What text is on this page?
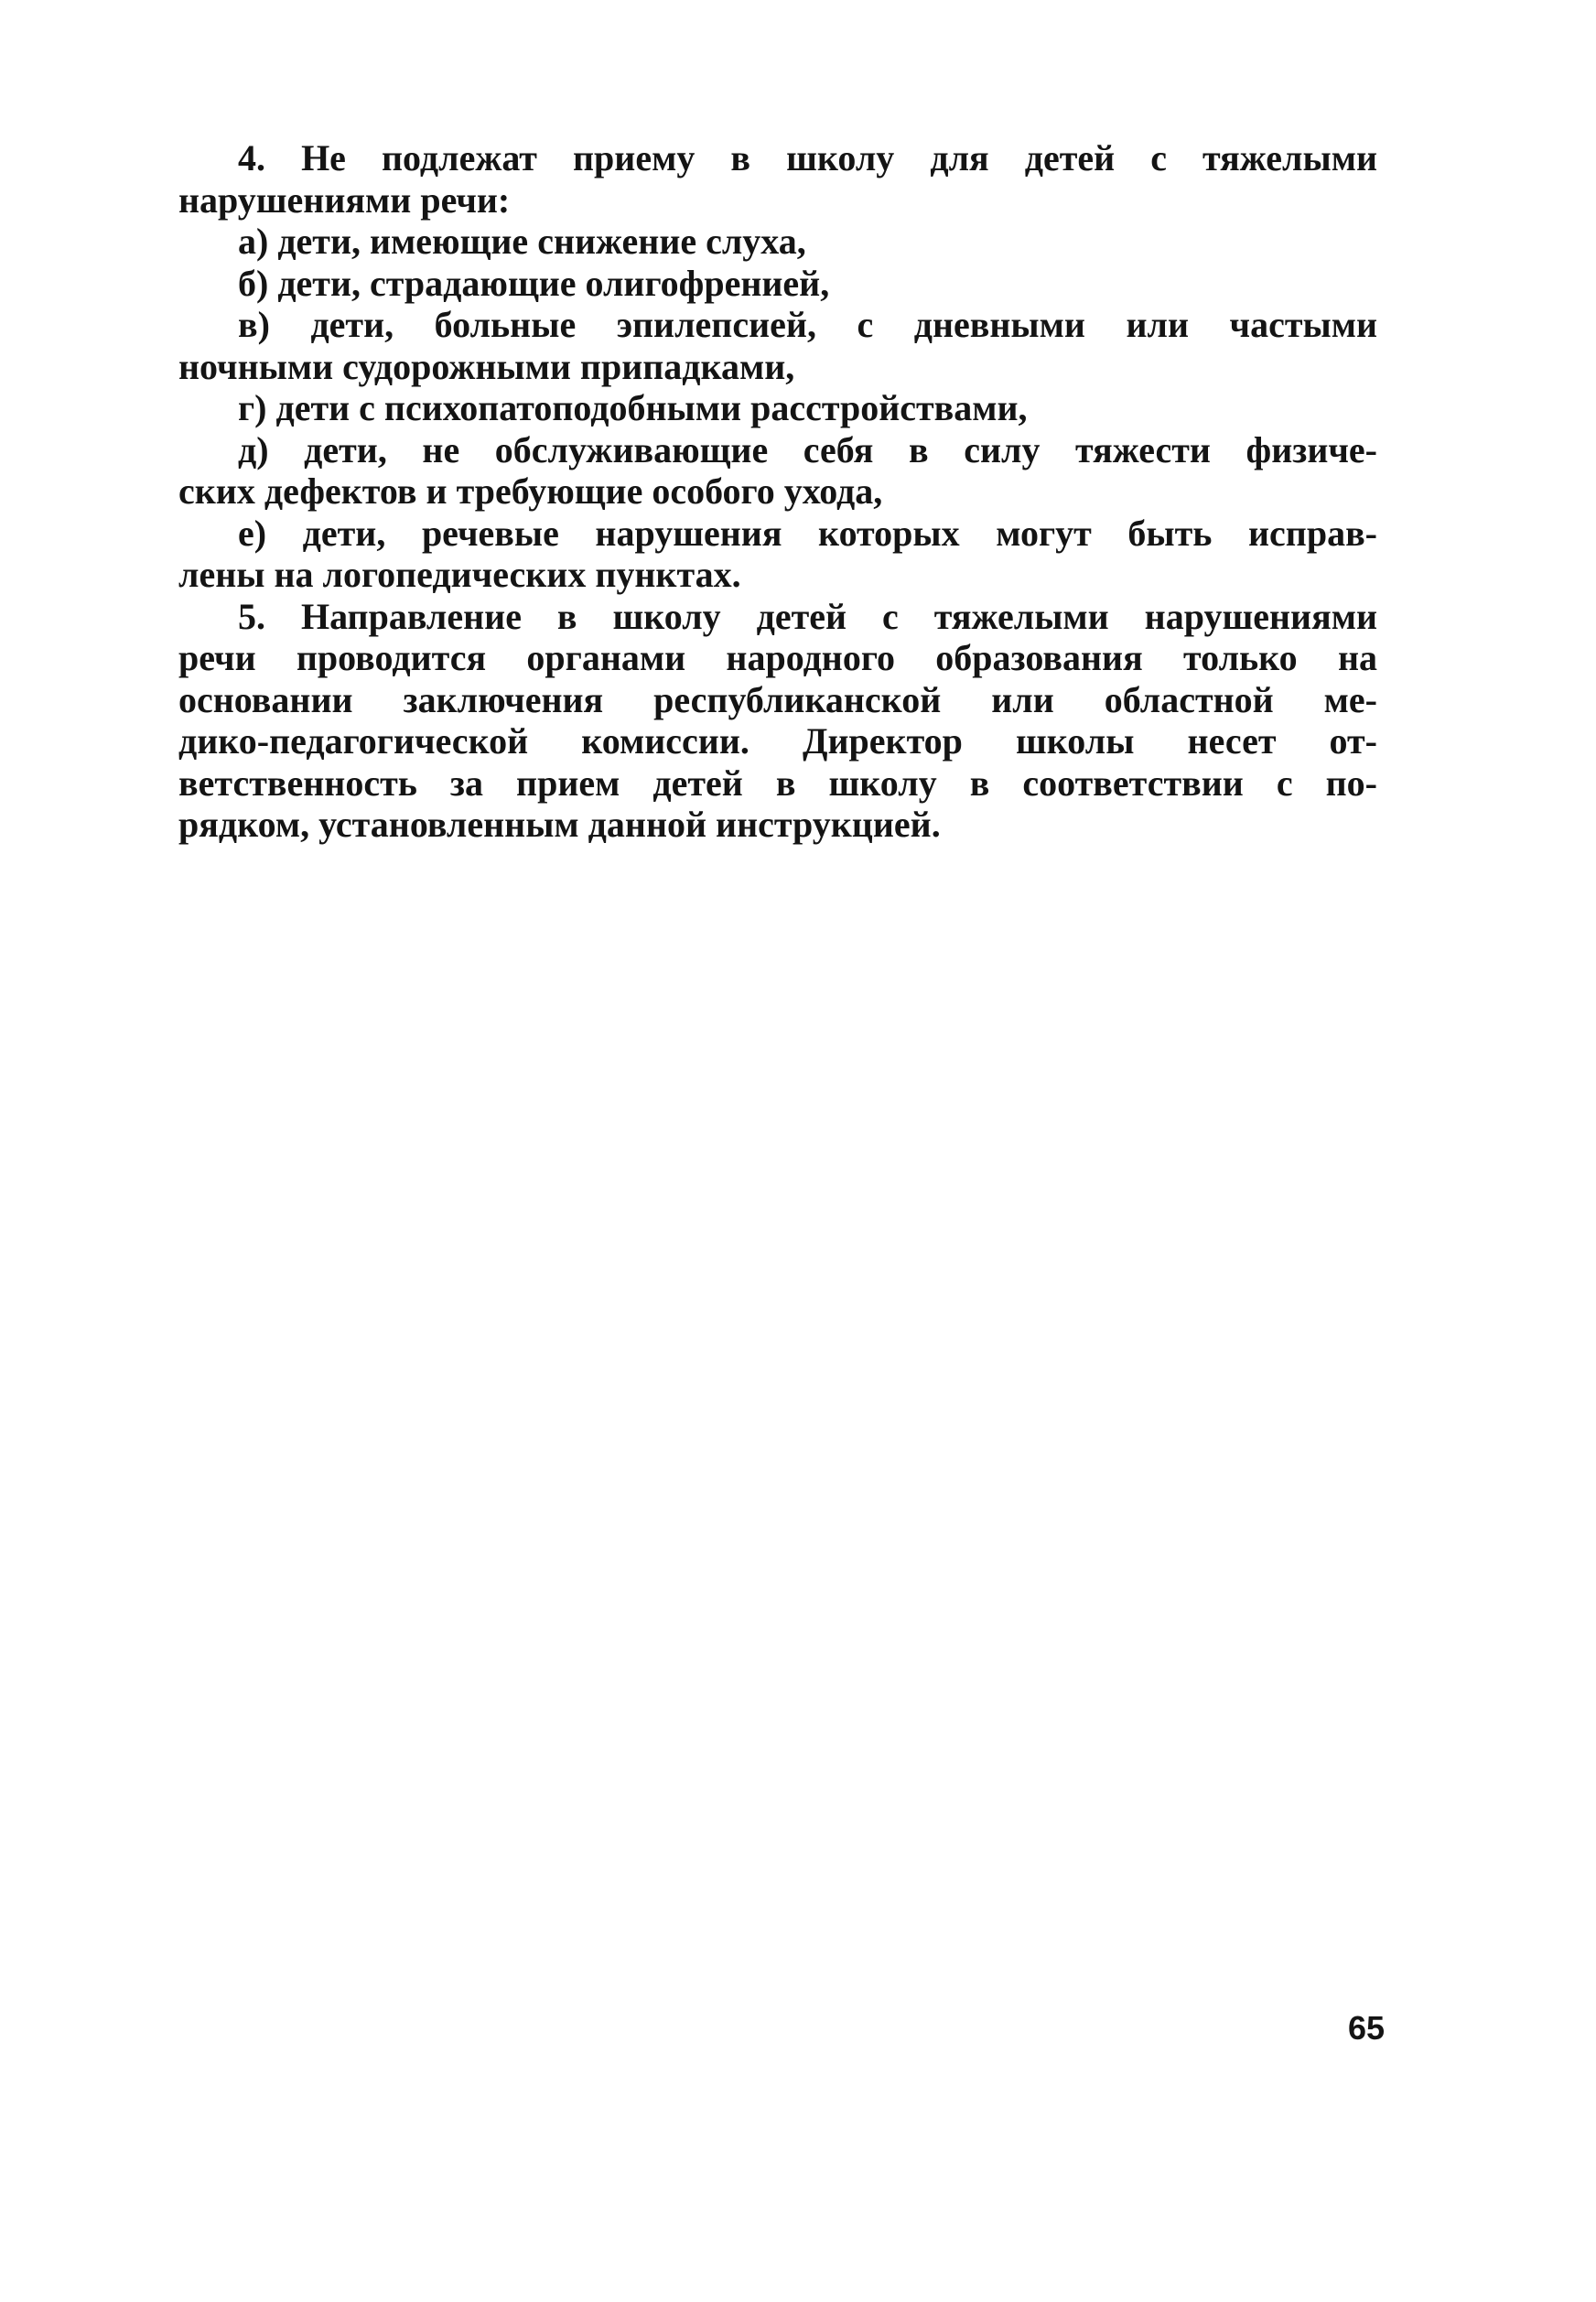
4. Не подлежат приему в школу для детей с тяжелыми
нарушениями речи:
а) дети, имеющие снижение слуха,
б) дети, страдающие олигофренией,
в) дети, больные эпилепсией, с дневными или частыми
ночными судорожными припадками,
г) дети с психопатоподобными расстройствами,
д) дети, не обслуживающие себя в силу тяжести физиче-
ских дефектов и требующие особого ухода,
е) дети, речевые нарушения которых могут быть исправ-
лены на логопедических пунктах.
5. Направление в школу детей с тяжелыми нарушениями
речи проводится органами народного образования только на
основании заключения республиканской или областной ме-
дико-педагогической комиссии. Директор школы несет от-
ветственность за прием детей в школу в соответствии с по-
рядком, установленным данной инструкцией.
65
